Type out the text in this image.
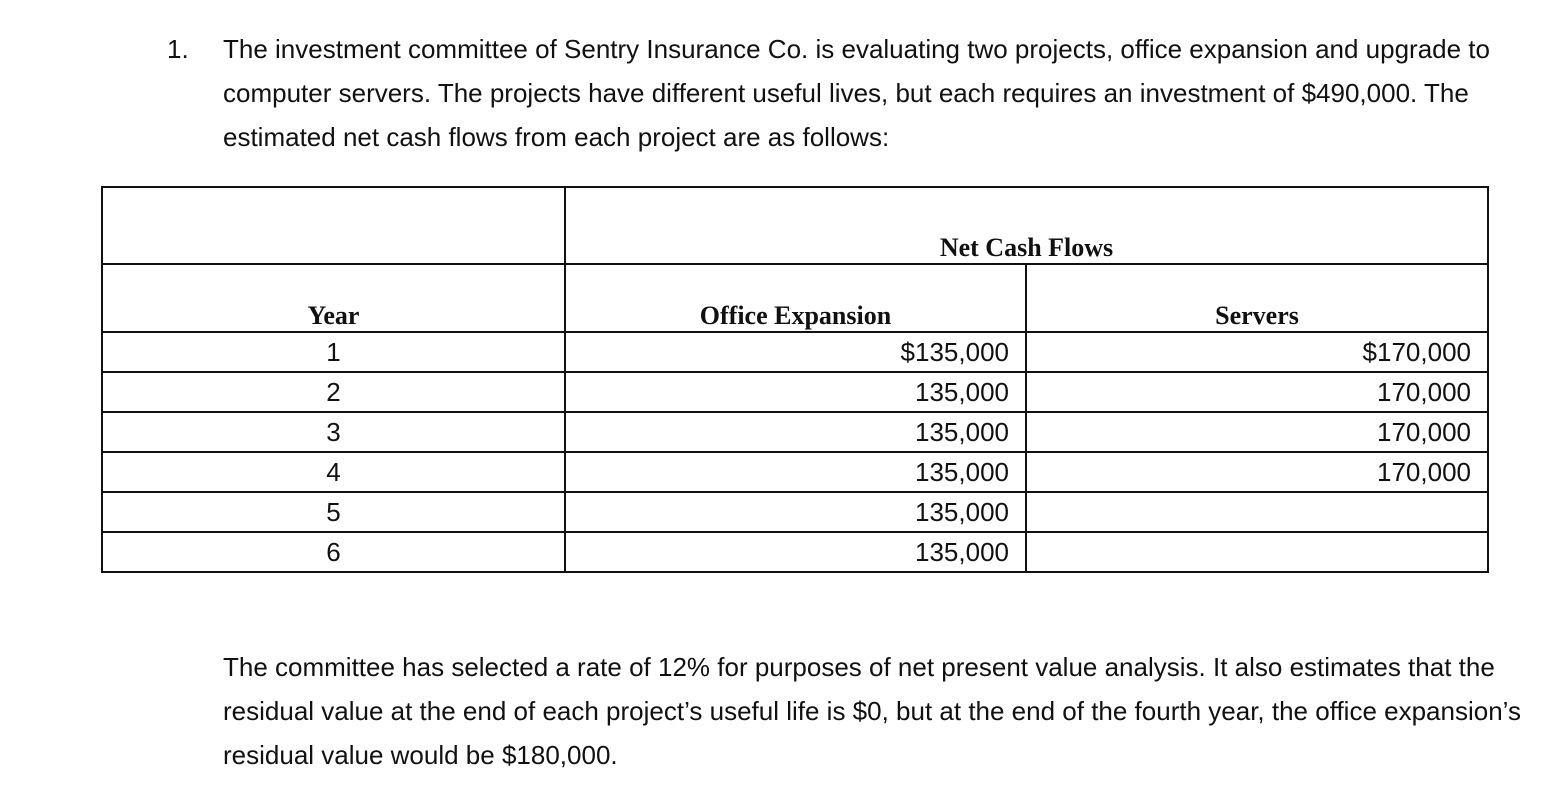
1. The investment committee of Sentry Insurance Co. is evaluating two projects, office expansion and upgrade to computer servers. The projects have different useful lives, but each requires an investment of $490,000. The estimated net cash flows from each project are as follows:
	Net Cash Flows	
Year	Office Expansion	Servers
1	$135,000	$170,000
2	135,000	170,000
3	135,000	170,000
4	135,000	170,000
5	135,000	
6	135,000	
The committee has selected a rate of 12% for purposes of net present value analysis. It also estimates that the residual value at the end of each project’s useful life is $0, but at the end of the fourth year, the office expansion’s residual value would be $180,000.
